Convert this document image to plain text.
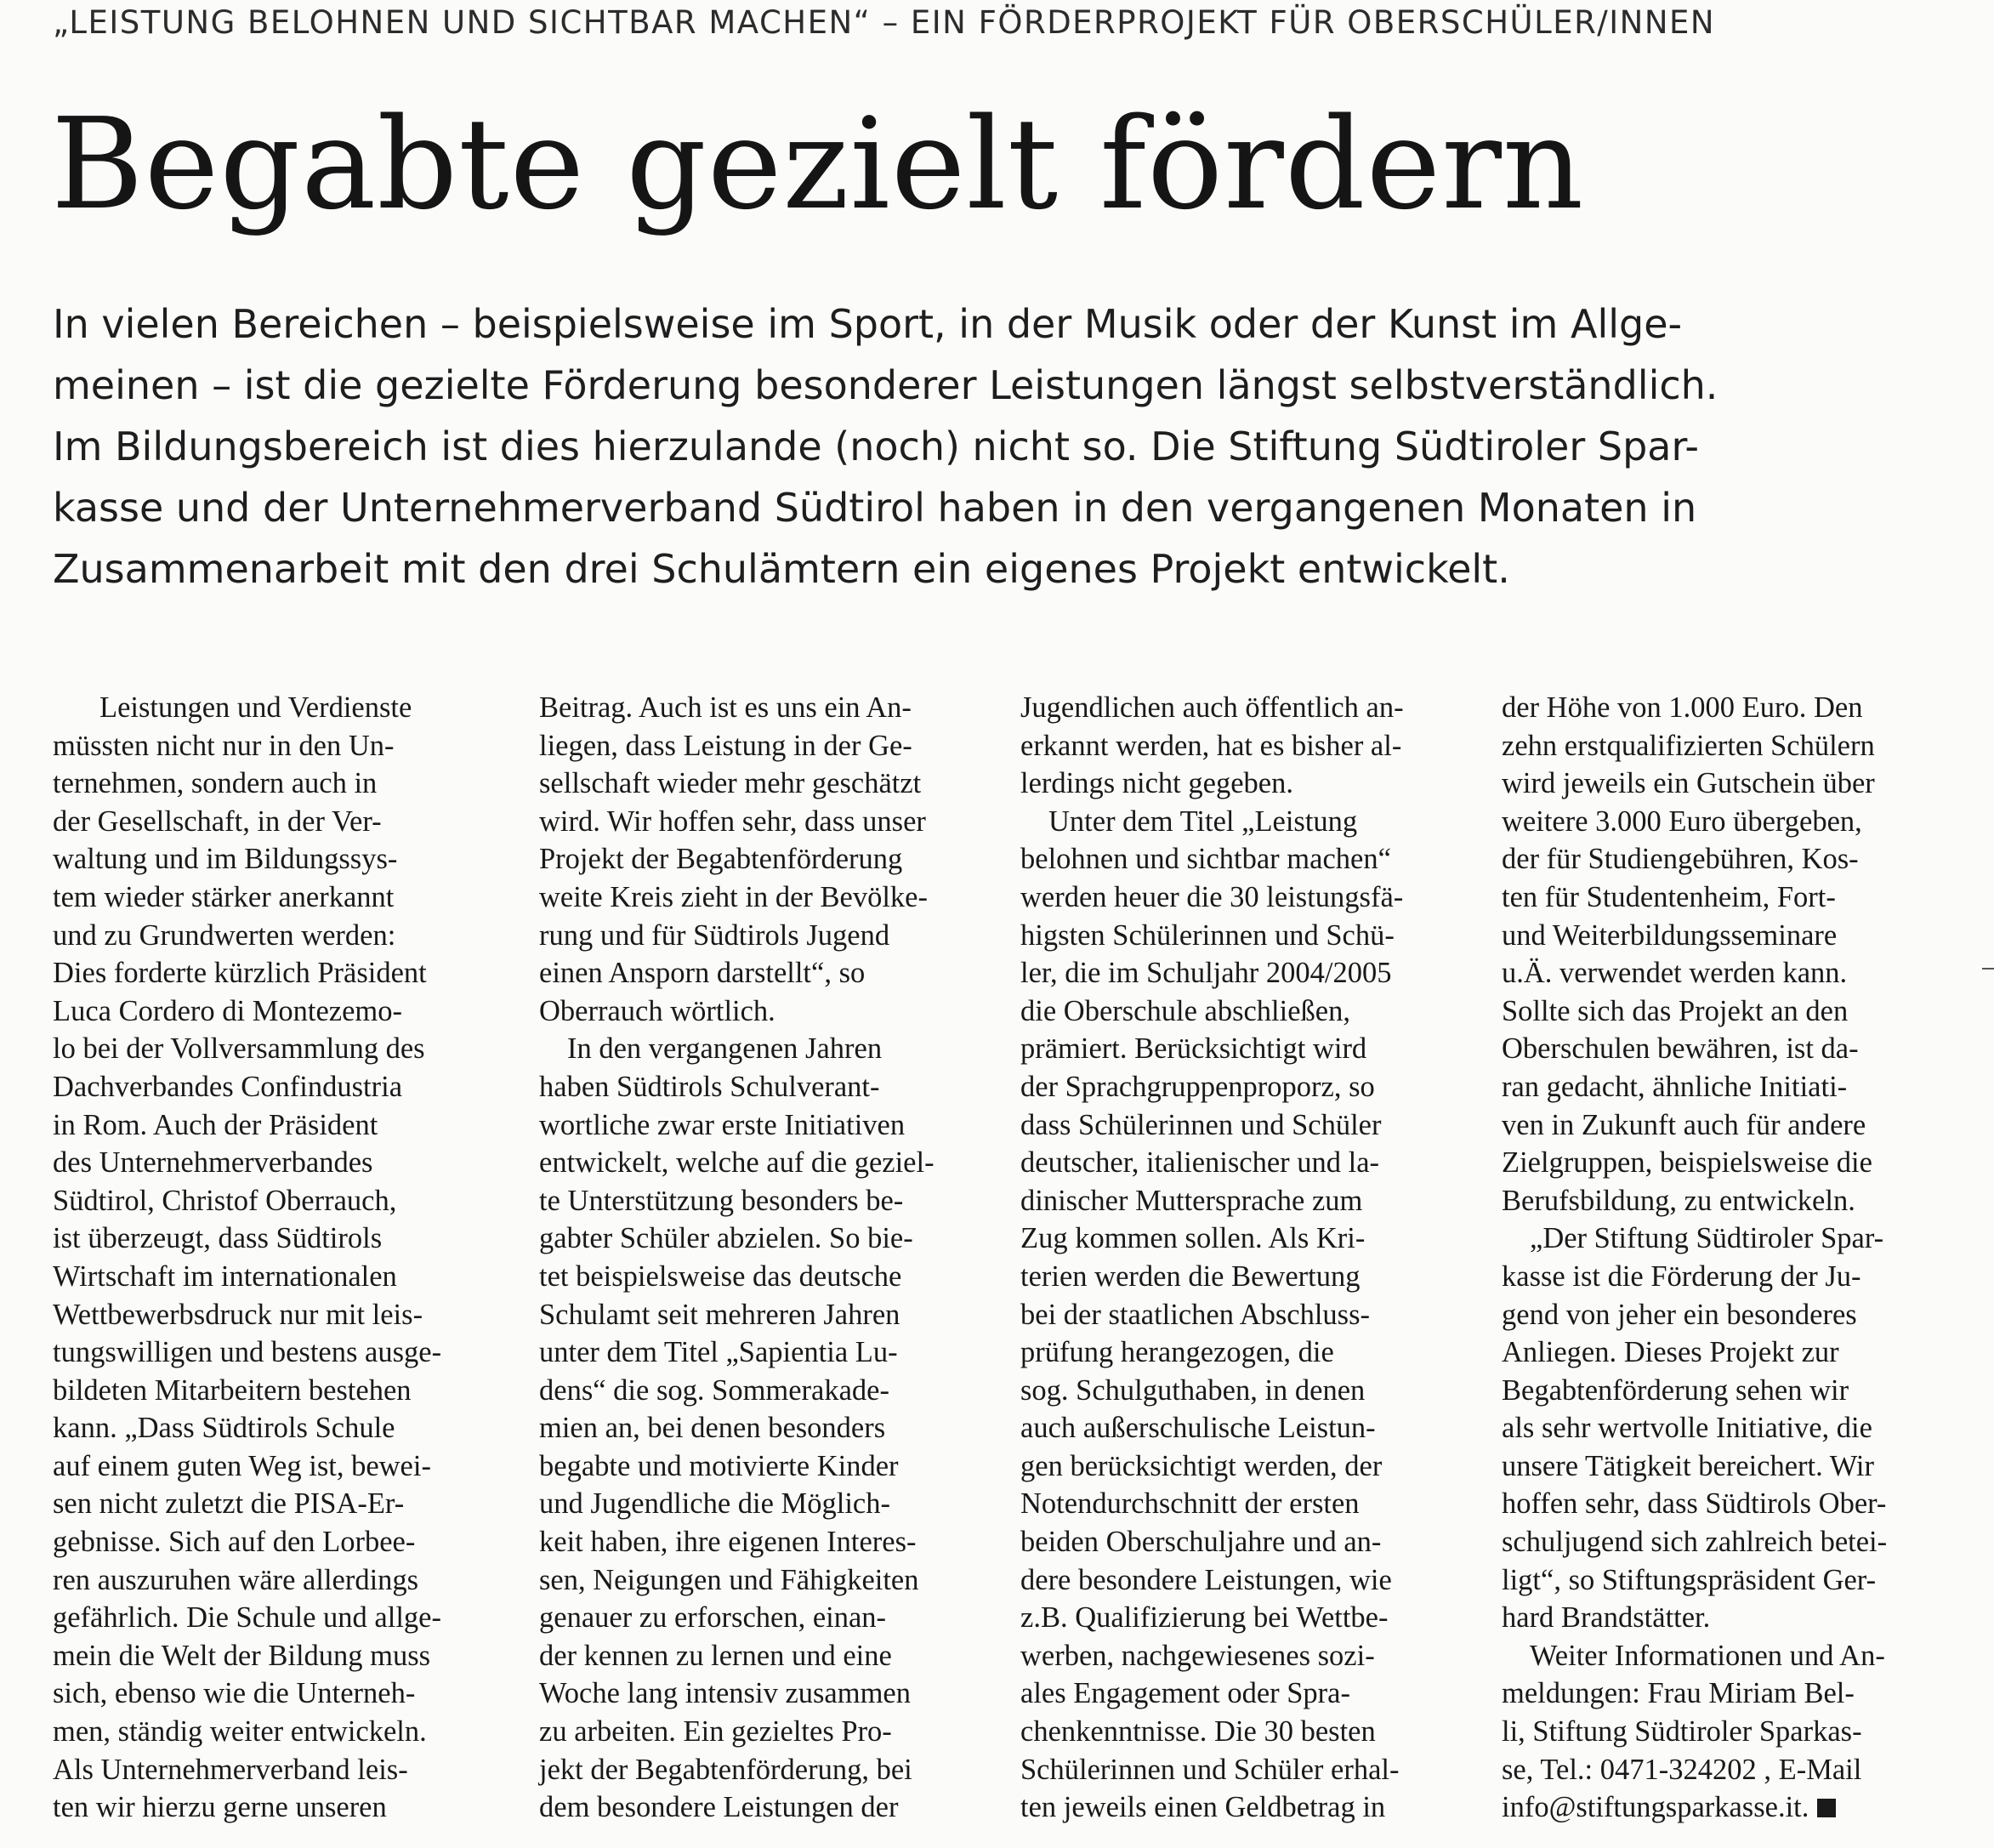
„LEISTUNG BELOHNEN UND SICHTBAR MACHEN“ – EIN FÖRDERPROJEKT FÜR OBERSCHÜLER/INNEN
Begabte gezielt fördern
In vielen Bereichen – beispielsweise im Sport, in der Musik oder der Kunst im Allge-
meinen – ist die gezielte Förderung besonderer Leistungen längst selbstverständlich.
Im Bildungsbereich ist dies hierzulande (noch) nicht so. Die Stiftung Südtiroler Spar-
kasse und der Unternehmerverband Südtirol haben in den vergangenen Monaten in
Zusammenarbeit mit den drei Schulämtern ein eigenes Projekt entwickelt.
Leistungen und Verdienste
müssten nicht nur in den Un-
ternehmen, sondern auch in
der Gesellschaft, in der Ver-
waltung und im Bildungssys-
tem wieder stärker anerkannt
und zu Grundwerten werden:
Dies forderte kürzlich Präsident
Luca Cordero di Montezemo-
lo bei der Vollversammlung des
Dachverbandes Confindustria
in Rom. Auch der Präsident
des Unternehmerverbandes
Südtirol, Christof Oberrauch,
ist überzeugt, dass Südtirols
Wirtschaft im internationalen
Wettbewerbsdruck nur mit leis-
tungswilligen und bestens ausge-
bildeten Mitarbeitern bestehen
kann. „Dass Südtirols Schule
auf einem guten Weg ist, bewei-
sen nicht zuletzt die PISA-Er-
gebnisse. Sich auf den Lorbee-
ren auszuruhen wäre allerdings
gefährlich. Die Schule und allge-
mein die Welt der Bildung muss
sich, ebenso wie die Unterneh-
men, ständig weiter entwickeln.
Als Unternehmerverband leis-
ten wir hierzu gerne unseren
Beitrag. Auch ist es uns ein An-
liegen, dass Leistung in der Ge-
sellschaft wieder mehr geschätzt
wird. Wir hoffen sehr, dass unser
Projekt der Begabtenförderung
weite Kreis zieht in der Bevölke-
rung und für Südtirols Jugend
einen Ansporn darstellt“, so
Oberrauch wörtlich.
In den vergangenen Jahren
haben Südtirols Schulverant-
wortliche zwar erste Initiativen
entwickelt, welche auf die geziel-
te Unterstützung besonders be-
gabter Schüler abzielen. So bie-
tet beispielsweise das deutsche
Schulamt seit mehreren Jahren
unter dem Titel „Sapientia Lu-
dens“ die sog. Sommerakade-
mien an, bei denen besonders
begabte und motivierte Kinder
und Jugendliche die Möglich-
keit haben, ihre eigenen Interes-
sen, Neigungen und Fähigkeiten
genauer zu erforschen, einan-
der kennen zu lernen und eine
Woche lang intensiv zusammen
zu arbeiten. Ein gezieltes Pro-
jekt der Begabtenförderung, bei
dem besondere Leistungen der
Jugendlichen auch öffentlich an-
erkannt werden, hat es bisher al-
lerdings nicht gegeben.
Unter dem Titel „Leistung
belohnen und sichtbar machen“
werden heuer die 30 leistungsfä-
higsten Schülerinnen und Schü-
ler, die im Schuljahr 2004/2005
die Oberschule abschließen,
prämiert. Berücksichtigt wird
der Sprachgruppenproporz, so
dass Schülerinnen und Schüler
deutscher, italienischer und la-
dinischer Muttersprache zum
Zug kommen sollen. Als Kri-
terien werden die Bewertung
bei der staatlichen Abschluss-
prüfung herangezogen, die
sog. Schulguthaben, in denen
auch außerschulische Leistun-
gen berücksichtigt werden, der
Notendurchschnitt der ersten
beiden Oberschuljahre und an-
dere besondere Leistungen, wie
z.B. Qualifizierung bei Wettbe-
werben, nachgewiesenes sozi-
ales Engagement oder Spra-
chenkenntnisse. Die 30 besten
Schülerinnen und Schüler erhal-
ten jeweils einen Geldbetrag in
der Höhe von 1.000 Euro. Den
zehn erstqualifizierten Schülern
wird jeweils ein Gutschein über
weitere 3.000 Euro übergeben,
der für Studiengebühren, Kos-
ten für Studentenheim, Fort-
und Weiterbildungsseminare
u.Ä. verwendet werden kann.
Sollte sich das Projekt an den
Oberschulen bewähren, ist da-
ran gedacht, ähnliche Initiati-
ven in Zukunft auch für andere
Zielgruppen, beispielsweise die
Berufsbildung, zu entwickeln.
„Der Stiftung Südtiroler Spar-
kasse ist die Förderung der Ju-
gend von jeher ein besonderes
Anliegen. Dieses Projekt zur
Begabtenförderung sehen wir
als sehr wertvolle Initiative, die
unsere Tätigkeit bereichert. Wir
hoffen sehr, dass Südtirols Ober-
schuljugend sich zahlreich betei-
ligt“, so Stiftungspräsident Ger-
hard Brandstätter.
Weiter Informationen und An-
meldungen: Frau Miriam Bel-
li, Stiftung Südtiroler Sparkas-
se, Tel.: 0471-324202 , E-Mail
info@stiftungsparkasse.it.
